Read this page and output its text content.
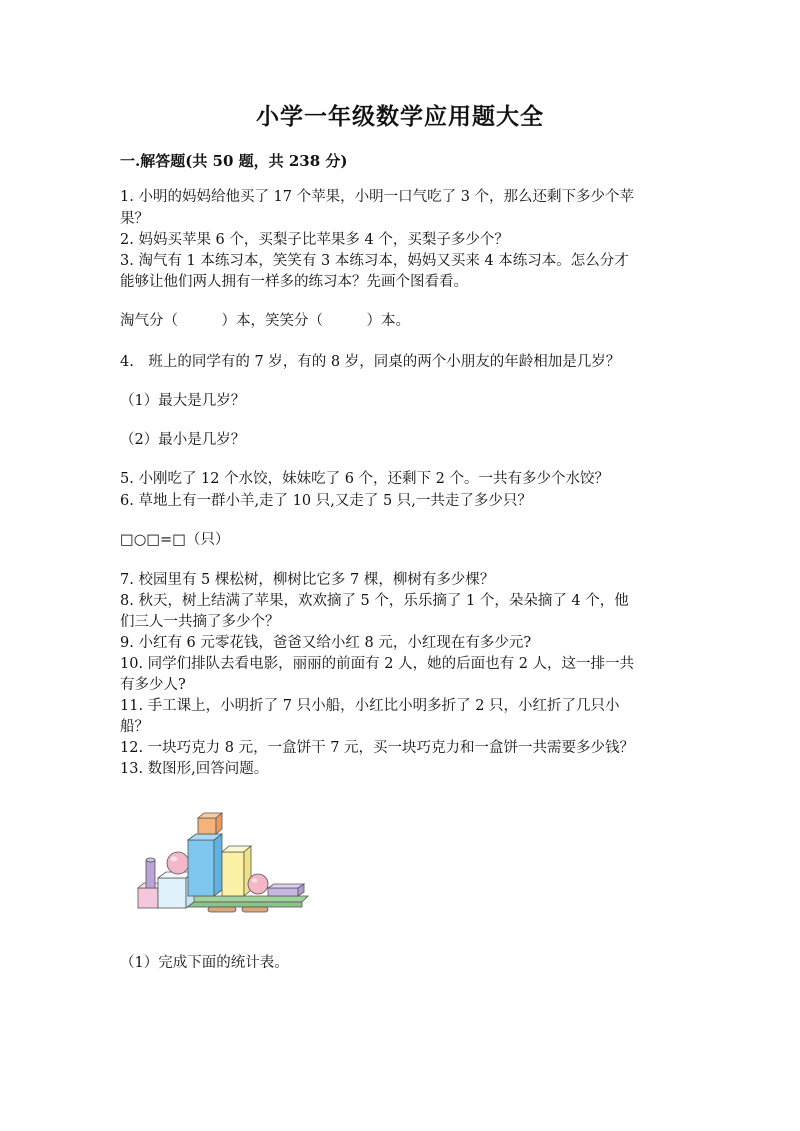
小学一年级数学应用题大全
一.解答题(共 50 题，共 238 分)
1. 小明的妈妈给他买了 17 个苹果，小明一口气吃了 3 个，那么还剩下多少个苹
果？
2. 妈妈买苹果 6 个，买梨子比苹果多 4 个，买梨子多少个？
3. 淘气有 1 本练习本，笑笑有 3 本练习本，妈妈又买来 4 本练习本。怎么分才
能够让他们两人拥有一样多的练习本？先画个图看看。
淘气分（　　　）本，笑笑分（　　　）本。
4.　班上的同学有的 7 岁，有的 8 岁，同桌的两个小朋友的年龄相加是几岁？
（1）最大是几岁？
（2）最小是几岁？
5. 小刚吃了 12 个水饺，妹妹吃了 6 个，还剩下 2 个。一共有多少个水饺？
6. 草地上有一群小羊,走了 10 只,又走了 5 只,一共走了多少只？
□○□=□（只）
7. 校园里有 5 棵松树，柳树比它多 7 棵，柳树有多少棵？
8. 秋天，树上结满了苹果，欢欢摘了 5 个，乐乐摘了 1 个，朵朵摘了 4 个，他
们三人一共摘了多少个？
9. 小红有 6 元零花钱，爸爸又给小红 8 元，小红现在有多少元?
10. 同学们排队去看电影，丽丽的前面有 2 人，她的后面也有 2 人，这一排一共
有多少人?
11. 手工课上，小明折了 7 只小船，小红比小明多折了 2 只，小红折了几只小
船？
12. 一块巧克力 8 元，一盒饼干 7 元，买一块巧克力和一盒饼一共需要多少钱？
13. 数图形,回答问题。
（1）完成下面的统计表。
